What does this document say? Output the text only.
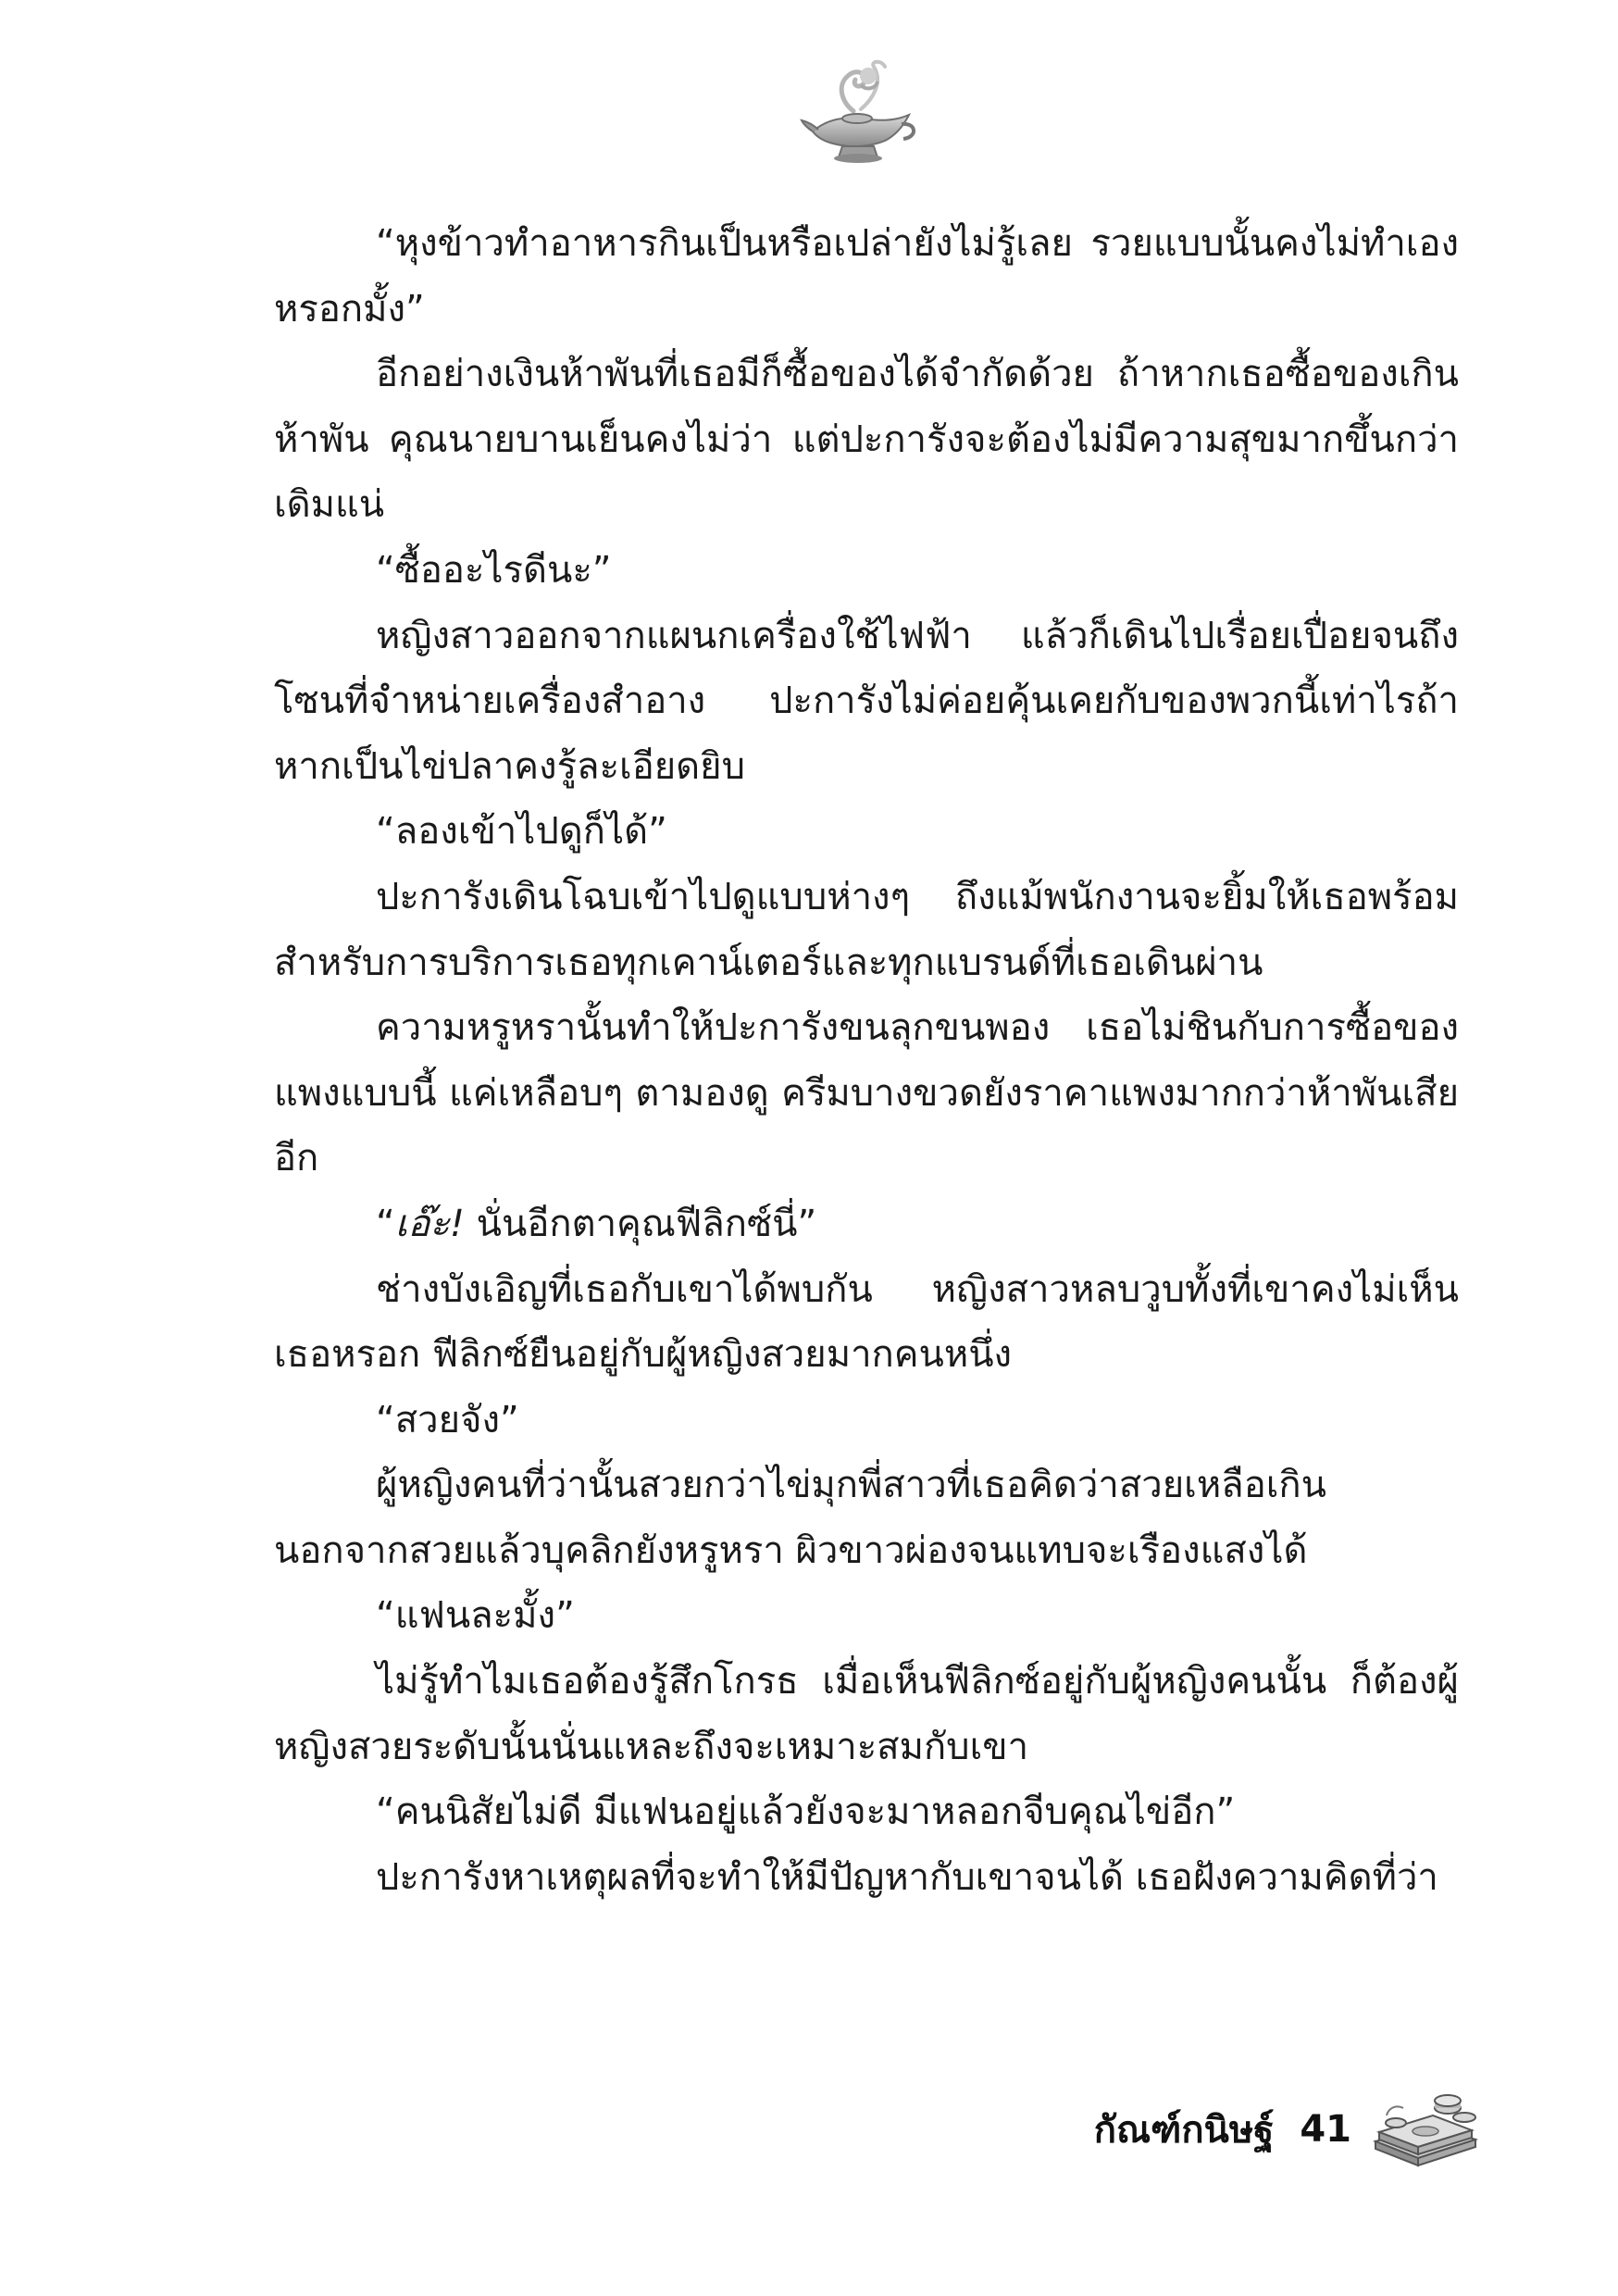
“หุงข้าวทำอาหารกินเป็นหรือเปล่ายังไม่รู้เลย รวยแบบนั้นคงไม่ทำเองหรอกมั้ง”

อีกอย่างเงินห้าพันที่เธอมีก็ซื้อของได้จำกัดด้วย ถ้าหากเธอซื้อของเกินห้าพัน คุณนายบานเย็นคงไม่ว่า แต่ปะการังจะต้องไม่มีความสุขมากขึ้นกว่าเดิมแน่

“ซื้ออะไรดีนะ”

หญิงสาวออกจากแผนกเครื่องใช้ไฟฟ้า แล้วก็เดินไปเรื่อยเปื่อยจนถึงโซนที่จำหน่ายเครื่องสำอาง ปะการังไม่ค่อยคุ้นเคยกับของพวกนี้เท่าไรถ้าหากเป็นไข่ปลาคงรู้ละเอียดยิบ

“ลองเข้าไปดูก็ได้”

ปะการังเดินโฉบเข้าไปดูแบบห่างๆ ถึงแม้พนักงานจะยิ้มให้เธอพร้อมสำหรับการบริการเธอทุกเคาน์เตอร์และทุกแบรนด์ที่เธอเดินผ่าน

ความหรูหรานั้นทำให้ปะการังขนลุกขนพอง เธอไม่ชินกับการซื้อของแพงแบบนี้ แค่เหลือบๆ ตามองดู ครีมบางขวดยังราคาแพงมากกว่าห้าพันเสียอีก

“เอ๊ะ! นั่นอีกตาคุณฟีลิกซ์นี่”

ช่างบังเอิญที่เธอกับเขาได้พบกัน หญิงสาวหลบวูบทั้งที่เขาคงไม่เห็นเธอหรอก ฟีลิกซ์ยืนอยู่กับผู้หญิงสวยมากคนหนึ่ง

“สวยจัง”

ผู้หญิงคนที่ว่านั้นสวยกว่าไข่มุกพี่สาวที่เธอคิดว่าสวยเหลือเกินนอกจากสวยแล้วบุคลิกยังหรูหรา ผิวขาวผ่องจนแทบจะเรืองแสงได้

“แฟนละมั้ง”

ไม่รู้ทำไมเธอต้องรู้สึกโกรธ เมื่อเห็นฟีลิกซ์อยู่กับผู้หญิงคนนั้น ก็ต้องผู้หญิงสวยระดับนั้นนั่นแหละถึงจะเหมาะสมกับเขา

“คนนิสัยไม่ดี มีแฟนอยู่แล้วยังจะมาหลอกจีบคุณไข่อีก”

ปะการังหาเหตุผลที่จะทำให้มีปัญหากับเขาจนได้ เธอฝังความคิดที่ว่า

กัณฑ์กนิษฐ์ 41
